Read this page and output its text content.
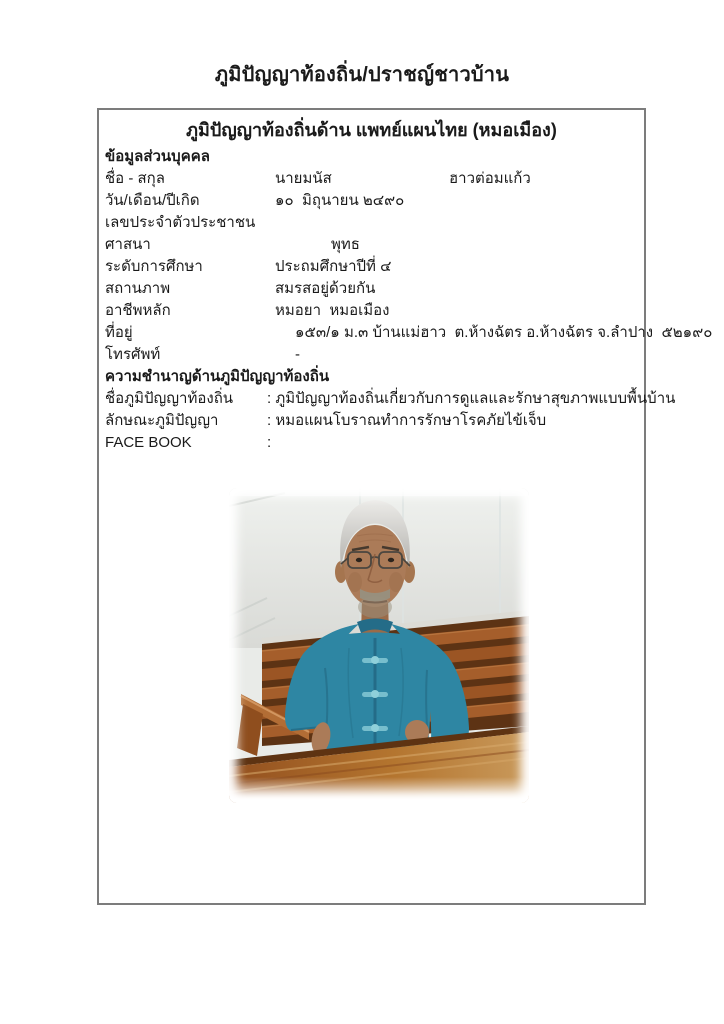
ภูมิปัญญาท้องถิ่น/ปราชญ์ชาวบ้าน
ภูมิปัญญาท้องถิ่นด้าน แพทย์แผนไทย (หมอเมือง)
ข้อมูลส่วนบุคคล
ชื่อ - สกุล	นายมนัส	ฮาวต่อมแก้ว
วัน/เดือน/ปีเกิด	๑๐  มิถุนายน ๒๔๙๐
เลขประจำตัวประชาชน
ศาสนา	พุทธ
ระดับการศึกษา	ประถมศึกษาปีที่ ๔
สถานภาพ	สมรสอยู่ด้วยกัน
อาชีพหลัก	หมอยา  หมอเมือง
ที่อยู่	๑๕๓/๑ ม.๓ บ้านแม่ฮาว  ต.ห้างฉัตร อ.ห้างฉัตร จ.ลำปาง  ๕๒๑๙๐
โทรศัพท์	-
ความชำนาญด้านภูมิปัญญาท้องถิ่น
ชื่อภูมิปัญญาท้องถิ่น : ภูมิปัญญาท้องถิ่นเกี่ยวกับการดูแลและรักษาสุขภาพแบบพื้นบ้าน
ลักษณะภูมิปัญญา	: หมอแผนโบราณทำการรักษาโรคภัยไข้เจ็บ
FACE BOOK	:
